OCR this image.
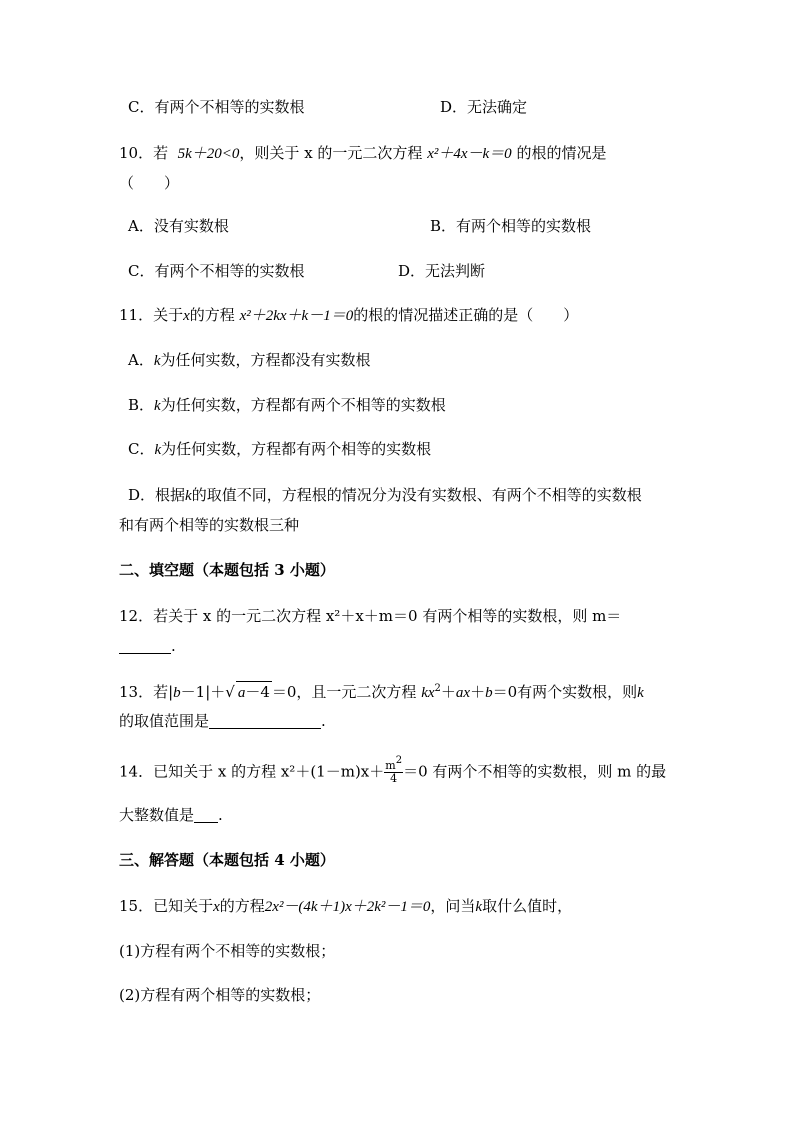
C．有两个不相等的实数根	D．无法确定
10．若 5k＋20<0，则关于 x 的一元二次方程 x²＋4x－k＝0 的根的情况是
（　　）
A．没有实数根	B．有两个相等的实数根
C．有两个不相等的实数根	D．无法判断
11．关于x的方程 x²＋2kx＋k－1＝0的根的情况描述正确的是（　　）
A．k为任何实数，方程都没有实数根
B．k为任何实数，方程都有两个不相等的实数根
C．k为任何实数，方程都有两个相等的实数根
D．根据k的取值不同，方程根的情况分为没有实数根、有两个不相等的实数根
和有两个相等的实数根三种
二、填空题（本题包括 3 小题）
12．若关于 x 的一元二次方程 x²＋x＋m＝0 有两个相等的实数根，则 m＝
.
13．若|b－1|＋√ a－4 ＝0，且一元二次方程 $kx^2+ax+b=0$有两个实数根，则k
的取值范围是	.
14．已知关于 x 的方程 $x^2+(1-m)x+ \frac{m^2}{4} =0$ 有两个不相等的实数根，则 m 的最
大整数值是 .
三、解答题（本题包括 4 小题）
15．已知关于x的方程2x²－(4k＋1)x＋2k²－1＝0，问当k取什么值时，
(1)方程有两个不相等的实数根；
(2)方程有两个相等的实数根；
